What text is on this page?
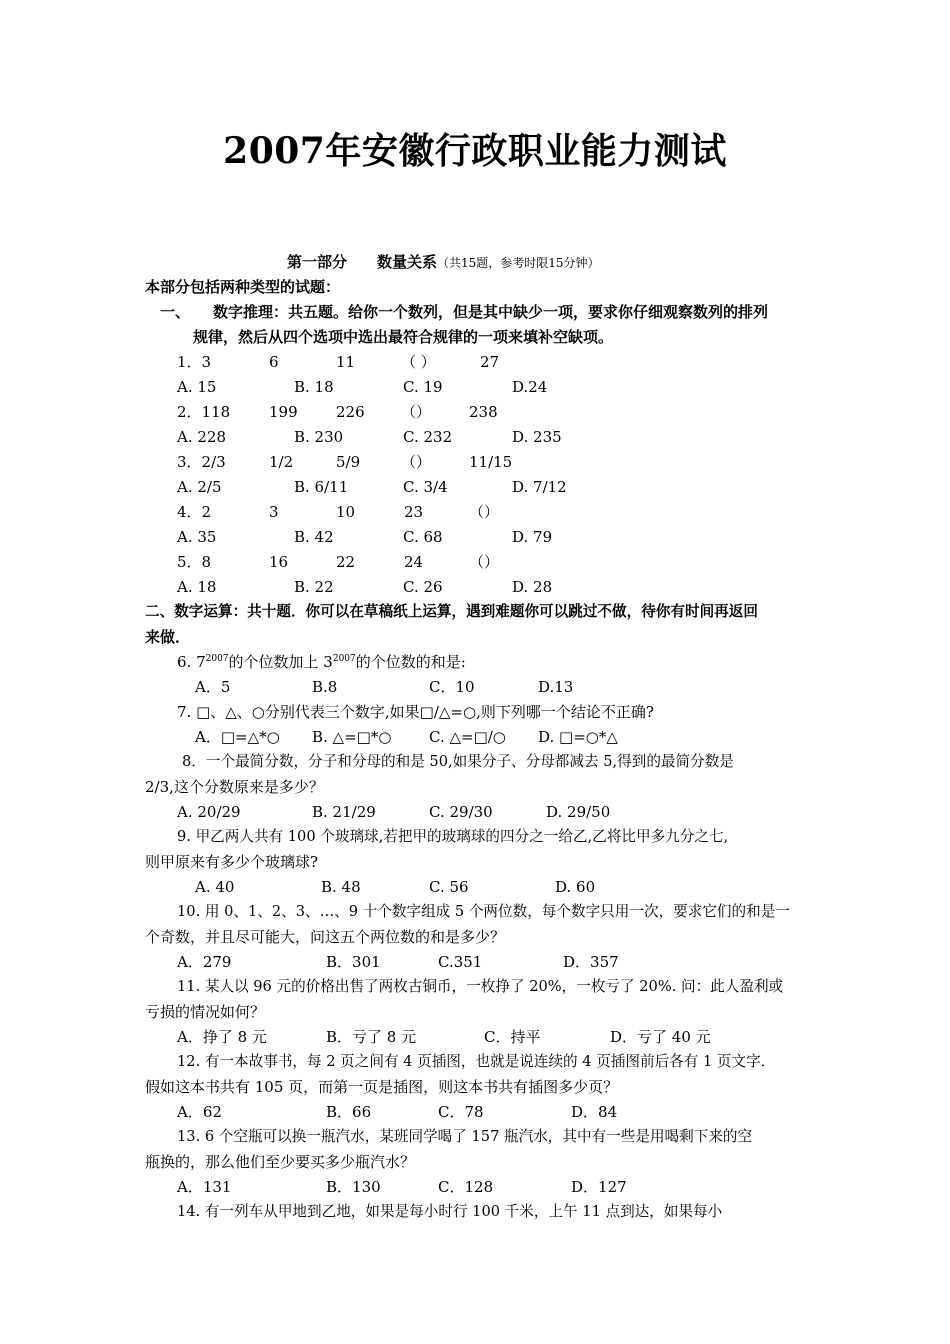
2007年安徽行政职业能力测试
第一部分　　数量关系（共15题，参考时限15分钟）
本部分包括两种类型的试题：
一、 数字推理：共五题。给你一个数列，但是其中缺少一项，要求你仔细观察数列的排列
规律，然后从四个选项中选出最符合规律的一项来填补空缺项。
1．3	6	11	（ ）	27
A. 15	B. 18	C. 19	D.24
2．118	199	226 （）	238
A. 228	B. 230	C. 232	D. 235
3．2/3	1/2	5/9	（）	11/15
A. 2/5	B. 6/11	C. 3/4	D. 7/12
4．2	3	10	23	（）
A. 35	B. 42	C. 68	D. 79
5．8	16	22	24	（）
A. 18	B. 22	C. 26	D. 28
二、数字运算：共十题．你可以在草稿纸上运算，遇到难题你可以跳过不做，待你有时间再返回
来做．
6. $7^{2007}$的个位数加上 $3^{2007}$的个位数的和是:
A．5	B.8	C．10	D.13
7. □、△、○分别代表三个数字,如果□/△=○,则下列哪一个结论不正确?
A．□=△*○ B. △=□*○	C. △=□/○ D. □=○*△
8．一个最简分数，分子和分母的和是 50,如果分子、分母都减去 5,得到的最简分数是
2/3,这个分数原来是多少？
A. 20/29	B. 21/29	C. 29/30	D. 29/50
9. 甲乙两人共有 100 个玻璃球,若把甲的玻璃球的四分之一给乙,乙将比甲多九分之七,
则甲原来有多少个玻璃球?
A. 40	B. 48	C. 56	D. 60
10. 用 0、1、2、3、…、9 十个数字组成 5 个两位数，每个数字只用一次，要求它们的和是一
个奇数，并且尽可能大，问这五个两位数的和是多少？
A．279	B．301	C.351	D．357
11. 某人以 96 元的价格出售了两枚古铜币，一枚挣了 20%，一枚亏了 20%. 问：此人盈利或
亏损的情况如何？
A．挣了 8 元	B．亏了 8 元	C．持平	D．亏了 40 元
12. 有一本故事书，每 2 页之间有 4 页插图，也就是说连续的 4 页插图前后各有 1 页文字．
假如这本书共有 105 页，而第一页是插图，则这本书共有插图多少页？
A．62	B．66	C．78	D．84
13. 6 个空瓶可以换一瓶汽水，某班同学喝了 157 瓶汽水，其中有一些是用喝剩下来的空
瓶换的，那么他们至少要买多少瓶汽水？
A．131	B．130	C．128	D．127
14. 有一列车从甲地到乙地，如果是每小时行 100 千米，上午 11 点到达，如果每小
